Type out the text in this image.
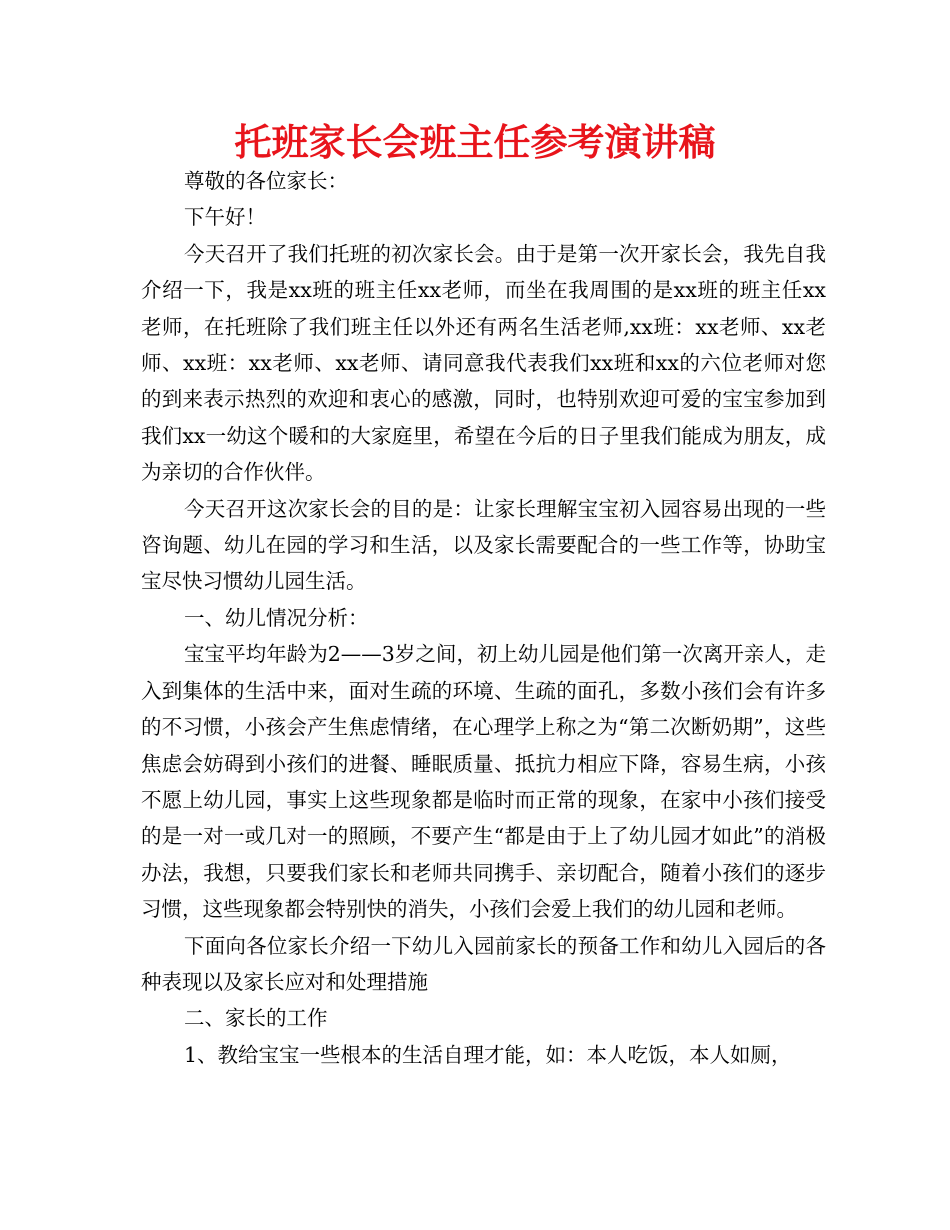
托班家长会班主任参考演讲稿

尊敬的各位家长：

下午好！

今天召开了我们托班的初次家长会。由于是第一次开家长会，我先自我介绍一下，我是xx班的班主任xx老师，而坐在我周围的是xx班的班主任xx老师，在托班除了我们班主任以外还有两名生活老师,xx班：xx老师、xx老师、xx班：xx老师、xx老师、请同意我代表我们xx班和xx的六位老师对您的到来表示热烈的欢迎和衷心的感激，同时，也特别欢迎可爱的宝宝参加到我们xx一幼这个暖和的大家庭里，希望在今后的日子里我们能成为朋友，成为亲切的合作伙伴。

今天召开这次家长会的目的是：让家长理解宝宝初入园容易出现的一些咨询题、幼儿在园的学习和生活，以及家长需要配合的一些工作等，协助宝宝尽快习惯幼儿园生活。

一、幼儿情况分析：

宝宝平均年龄为2——3岁之间，初上幼儿园是他们第一次离开亲人，走入到集体的生活中来，面对生疏的环境、生疏的面孔，多数小孩们会有许多的不习惯，小孩会产生焦虑情绪，在心理学上称之为“第二次断奶期”，这些焦虑会妨碍到小孩们的进餐、睡眠质量、抵抗力相应下降，容易生病，小孩不愿上幼儿园，事实上这些现象都是临时而正常的现象，在家中小孩们接受的是一对一或几对一的照顾，不要产生“都是由于上了幼儿园才如此”的消极办法，我想，只要我们家长和老师共同携手、亲切配合，随着小孩们的逐步习惯，这些现象都会特别快的消失，小孩们会爱上我们的幼儿园和老师。

下面向各位家长介绍一下幼儿入园前家长的预备工作和幼儿入园后的各种表现以及家长应对和处理措施

二、家长的工作

1、教给宝宝一些根本的生活自理才能，如：本人吃饭，本人如厕，
